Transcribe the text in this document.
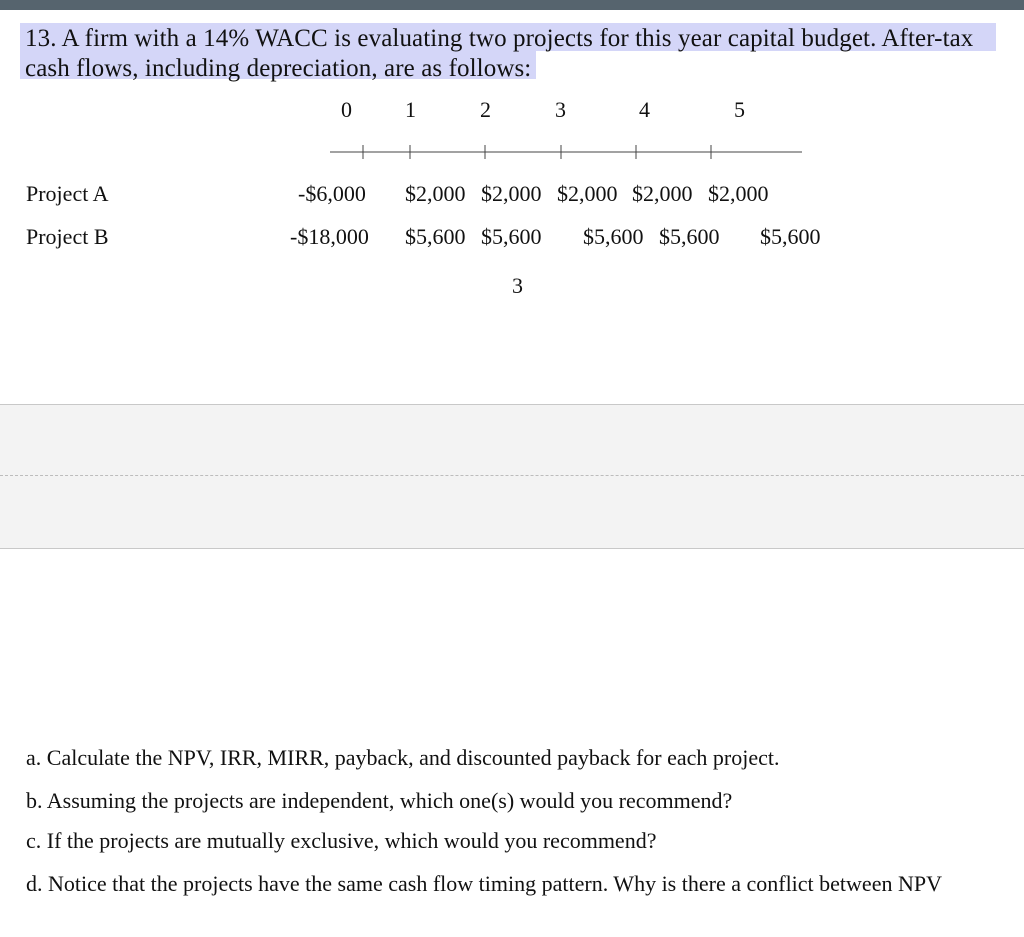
13. A firm with a 14% WACC is evaluating two projects for this year capital budget. After-tax cash flows, including depreciation, are as follows:
0 1	2	3	4	5
Project A	-$6,000 $2,000 $2,000 $2,000 $2,000 $2,000
Project B	-$18,000 $5,600 $5,600 $5,600 $5,600 $5,600
3
a. Calculate the NPV, IRR, MIRR, payback, and discounted payback for each project.
b. Assuming the projects are independent, which one(s) would you recommend?
c. If the projects are mutually exclusive, which would you recommend?
d. Notice that the projects have the same cash flow timing pattern. Why is there a conflict between NPV
